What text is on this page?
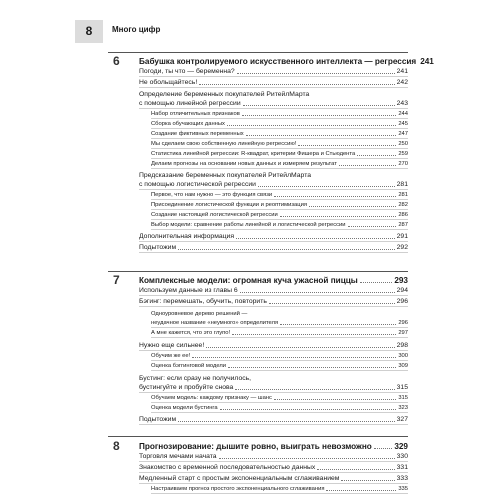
8	Много цифр
6 Бабушка контролируемого искусственного интеллекта — регрессия 241
Погоди, ты что — беременна?	241
Не обольщайтесь!	242
Определение беременных покупателей РитейлМарта
с помощью линейной регрессии	243
Набор отличительных признаков	244
Сборка обучающих данных	245
Создание фиктивных переменных	247
Мы сделаем свою собственную линейную регрессию!	250
Статистика линейной регрессии: R-квадрат, критерии Фишера и Стьюдента	259
Делаем прогнозы на основании новых данных и измеряем результат	270
Предсказание беременных покупателей РитейлМарта
с помощью логистической регрессии	281
Первое, что нам нужно — это функция связи	281
Присоединение логистической функции и реоптимизация	282
Создание настоящей логистической регрессии	286
Выбор модели: сравнение работы линейной и логистической регрессии	287
Дополнительная информация	291
Подытожим	292
7 Комплексные модели: огромная куча ужасной пиццы	293
Используем данные из главы 6	294
Бэгинг: перемешать, обучить, повторить	296
Одноуровневое дерево решений —
неудачное название «неумного» определителя	296
А мне кажется, что это глупо!	297
Нужно еще сильнее!	298
Обучим же ее!	300
Оценка бэггинговой модели	309
Бустинг: если сразу не получилось,
бустингуйте и пробуйте снова	315
Обучаем модель: каждому признаку — шанс	315
Оценка модели бустинга	323
Подытожим	327
8 Прогнозирование: дышите ровно, выиграть невозможно	329
Торговля мечами начата	330
Знакомство с временной последовательностью данных	331
Медленный старт с простым экспоненциальным сглаживанием	333
Настраиваем прогноз простого экспоненциального сглаживания	335
